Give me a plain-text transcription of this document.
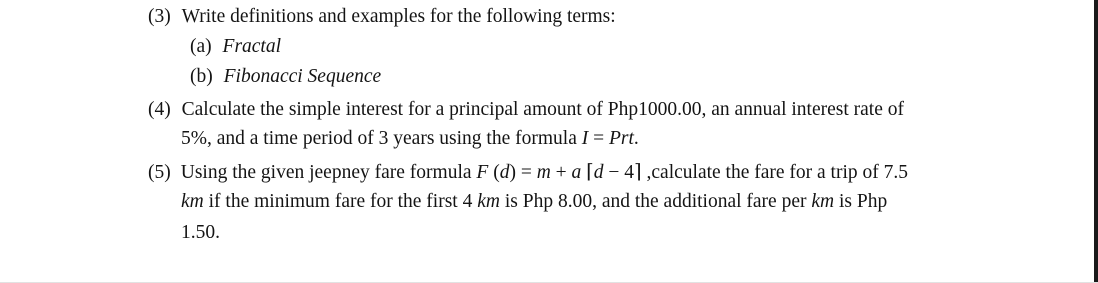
(3) Write definitions and examples for the following terms:
(a) Fractal
(b) Fibonacci Sequence
(4) Calculate the simple interest for a principal amount of Php1000.00, an annual interest rate of
5%, and a time period of 3 years using the formula I = Prt.
(5) Using the given jeepney fare formula F (d) = m + a ⌈d − 4⌉ ,calculate the fare for a trip of 7.5
km if the minimum fare for the first 4 km is Php 8.00, and the additional fare per km is Php
1.50.
